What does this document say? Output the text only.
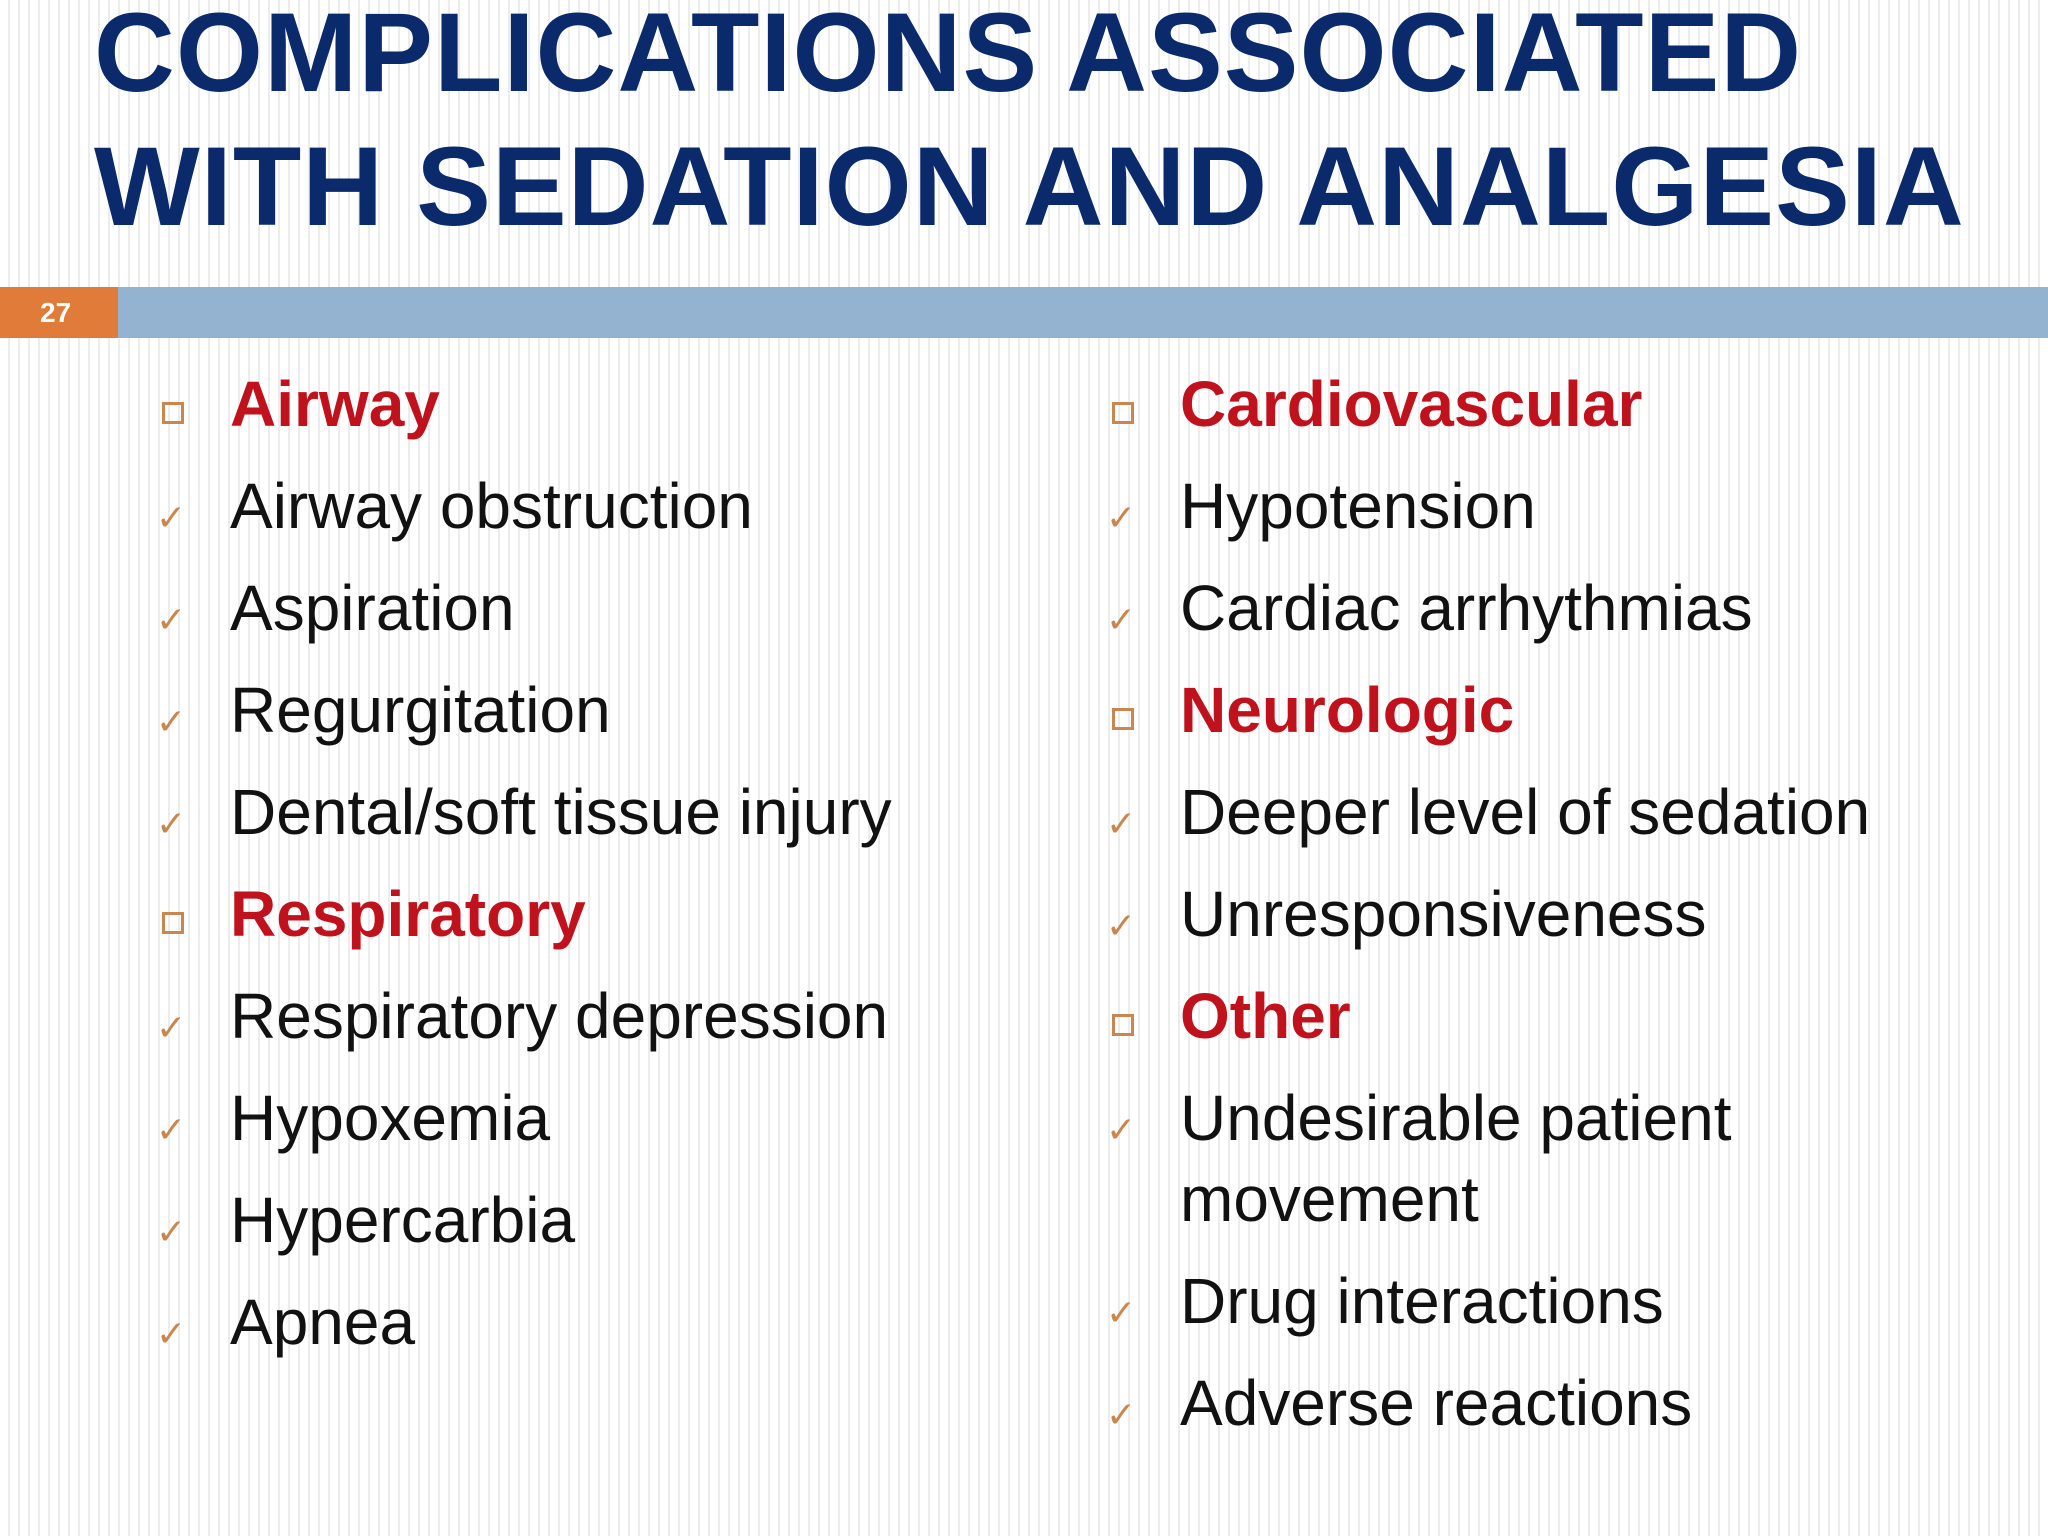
27
COMPLICATIONS ASSOCIATED WITH SEDATION AND ANALGESIA
Airway
✓ Airway obstruction
✓ Aspiration
✓ Regurgitation
✓ Dental/soft tissue injury
Respiratory
✓ Respiratory depression
✓ Hypoxemia
✓ Hypercarbia
✓ Apnea
Cardiovascular
✓ Hypotension
✓ Cardiac arrhythmias
Neurologic
✓ Deeper level of sedation
✓ Unresponsiveness
Other
✓ Undesirable patient movement
✓ Drug interactions
✓ Adverse reactions
